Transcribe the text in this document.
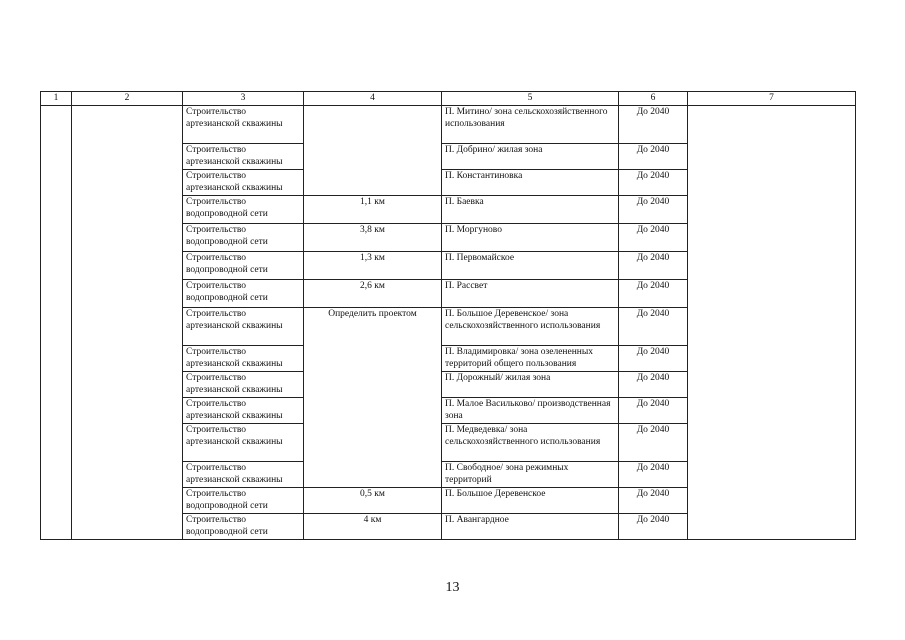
1	2	3	4	5	6	7
		Строительство артезианской скважины		П. Митино/ зона сельскохозяйственного использования	До 2040	
		Строительство артезианской скважины		П. Добрино/ жилая зона	До 2040	
		Строительство артезианской скважины		П. Константиновка	До 2040	
		Строительство водопроводной сети	1,1 км	П. Баевка	До 2040	
		Строительство водопроводной сети	3,8 км	П. Моргуново	До 2040	
		Строительство водопроводной сети	1,3 км	П. Первомайское	До 2040	
		Строительство водопроводной сети	2,6 км	П. Рассвет	До 2040	
		Строительство артезианской скважины	Определить проектом	П. Большое Деревенское/ зона сельскохозяйственного использования	До 2040	
		Строительство артезианской скважины		П. Владимировка/ зона озелененных территорий общего пользования	До 2040	
		Строительство артезианской скважины		П. Дорожный/ жилая зона	До 2040	
		Строительство артезианской скважины		П. Малое Васильково/ производственная зона	До 2040	
		Строительство артезианской скважины		П. Медведевка/ зона сельскохозяйственного использования	До 2040	
		Строительство артезианской скважины		П. Свободное/ зона режимных территорий	До 2040	
		Строительство водопроводной сети	0,5 км	П. Большое Деревенское	До 2040	
		Строительство водопроводной сети	4 км	П. Авангардное	До 2040	
13
